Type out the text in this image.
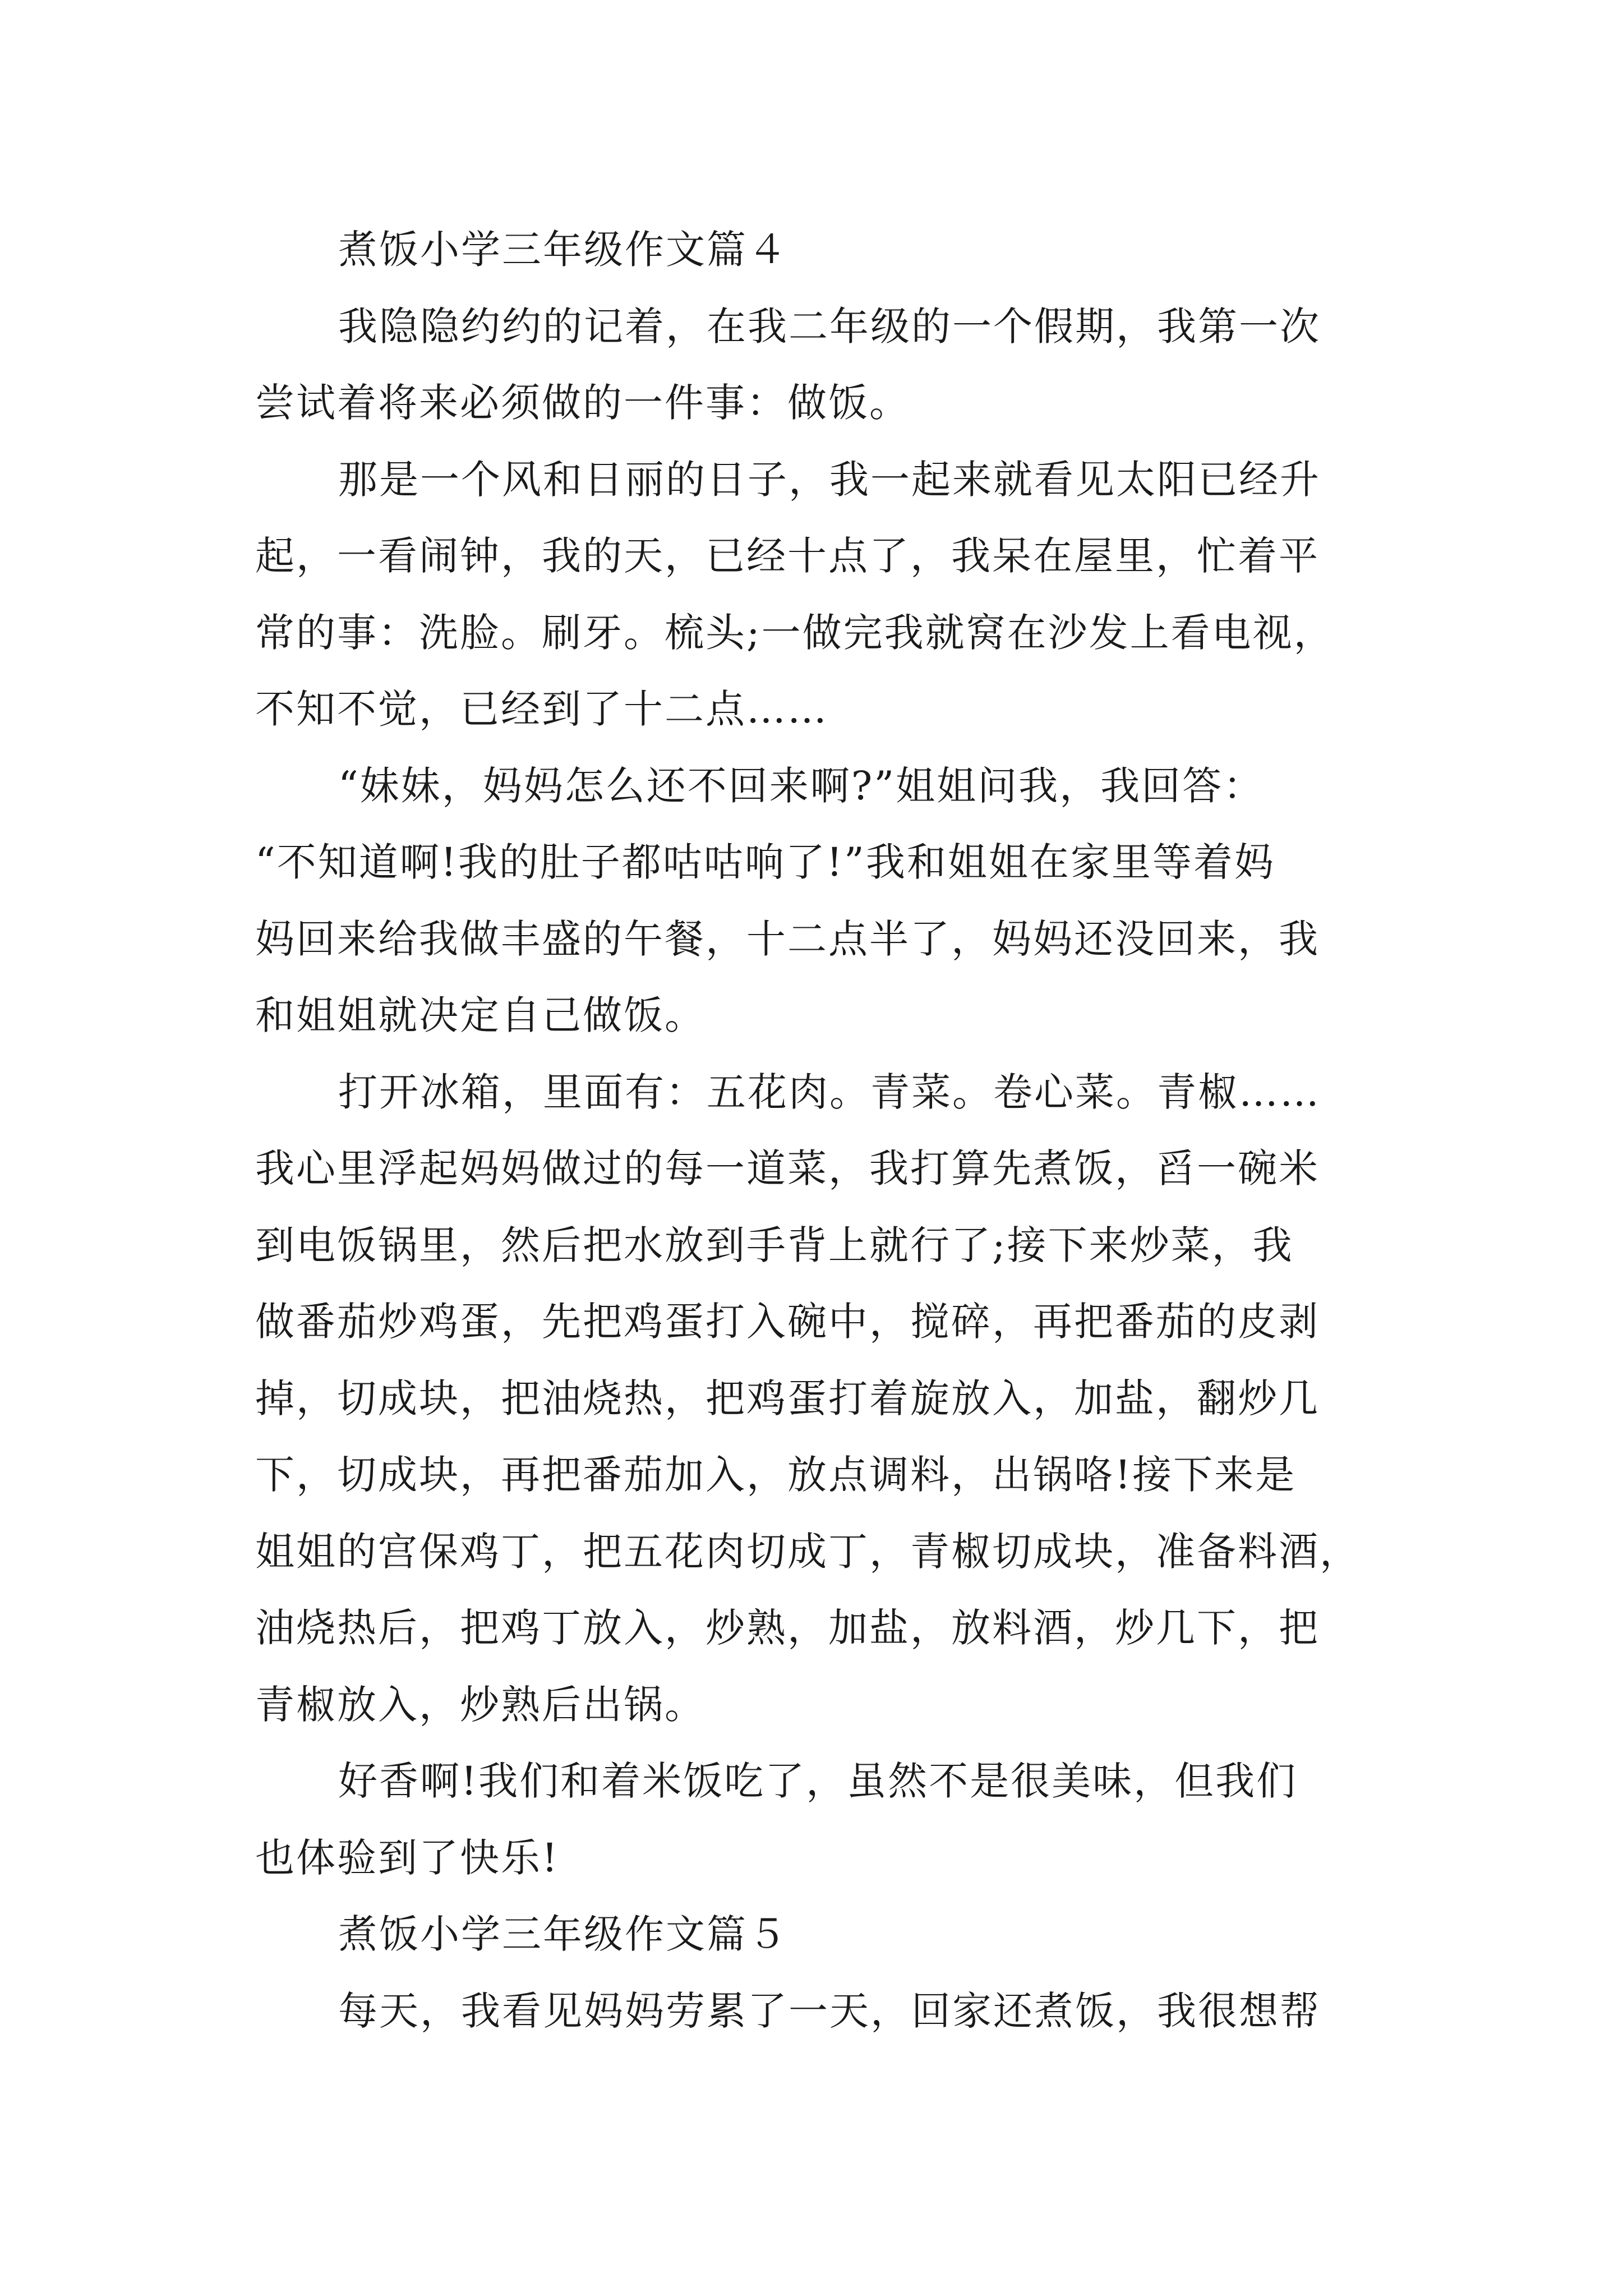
煮饭小学三年级作文篇４

我隐隐约约的记着，在我二年级的一个假期，我第一次
尝试着将来必须做的一件事：做饭。

那是一个风和日丽的日子，我一起来就看见太阳已经升
起，一看闹钟，我的天，已经十点了，我呆在屋里，忙着平
常的事：洗脸。刷牙。梳头;一做完我就窝在沙发上看电视，
不知不觉，已经到了十二点……

“妹妹，妈妈怎么还不回来啊?”姐姐问我，我回答：
“不知道啊!我的肚子都咕咕响了!”我和姐姐在家里等着妈
妈回来给我做丰盛的午餐，十二点半了，妈妈还没回来，我
和姐姐就决定自己做饭。

打开冰箱，里面有：五花肉。青菜。卷心菜。青椒……
我心里浮起妈妈做过的每一道菜，我打算先煮饭，舀一碗米
到电饭锅里，然后把水放到手背上就行了;接下来炒菜，我
做番茄炒鸡蛋，先把鸡蛋打入碗中，搅碎，再把番茄的皮剥
掉，切成块，把油烧热，把鸡蛋打着旋放入，加盐，翻炒几
下，切成块，再把番茄加入，放点调料，出锅咯!接下来是
姐姐的宫保鸡丁，把五花肉切成丁，青椒切成块，准备料酒，
油烧热后，把鸡丁放入，炒熟，加盐，放料酒，炒几下，把
青椒放入，炒熟后出锅。

好香啊!我们和着米饭吃了，虽然不是很美味，但我们
也体验到了快乐!

煮饭小学三年级作文篇５

每天，我看见妈妈劳累了一天，回家还煮饭，我很想帮
